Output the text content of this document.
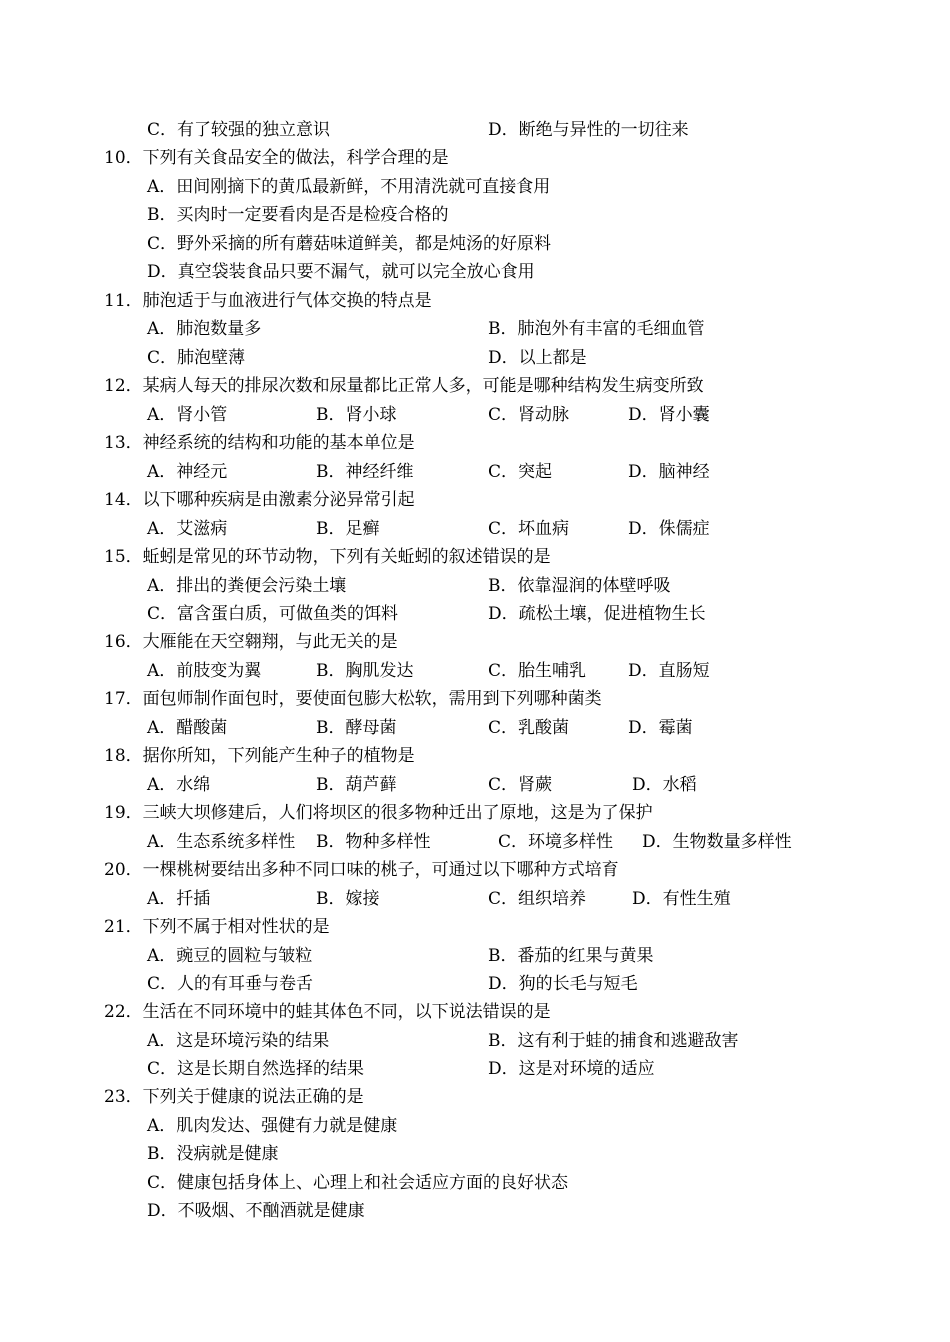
C．有了较强的独立意识	D．断绝与异性的一切往来
10．下列有关食品安全的做法，科学合理的是
A．田间刚摘下的黄瓜最新鲜，不用清洗就可直接食用
B．买肉时一定要看肉是否是检疫合格的
C．野外采摘的所有蘑菇味道鲜美，都是炖汤的好原料
D．真空袋装食品只要不漏气，就可以完全放心食用
11．肺泡适于与血液进行气体交换的特点是
A．肺泡数量多	B．肺泡外有丰富的毛细血管
C．肺泡壁薄	D．以上都是
12．某病人每天的排尿次数和尿量都比正常人多，可能是哪种结构发生病变所致
A．肾小管	B．肾小球	C．肾动脉	D．肾小囊
13．神经系统的结构和功能的基本单位是
A．神经元	B．神经纤维	C．突起	D．脑神经
14．以下哪种疾病是由激素分泌异常引起
A．艾滋病	B．足癣	C．坏血病	D．侏儒症
15．蚯蚓是常见的环节动物，下列有关蚯蚓的叙述错误的是
A．排出的粪便会污染土壤	B．依靠湿润的体壁呼吸
C．富含蛋白质，可做鱼类的饵料	D．疏松土壤，促进植物生长
16．大雁能在天空翱翔，与此无关的是
A．前肢变为翼	B．胸肌发达	C．胎生哺乳 D．直肠短
17．面包师制作面包时，要使面包膨大松软，需用到下列哪种菌类
A．醋酸菌	B．酵母菌	C．乳酸菌	D．霉菌
18．据你所知，下列能产生种子的植物是
A．水绵	B．葫芦藓	C．肾蕨	D．水稻
19．三峡大坝修建后，人们将坝区的很多物种迁出了原地，这是为了保护
A．生态系统多样性 B．物种多样性	C．环境多样性 D．生物数量多样性
20．一棵桃树要结出多种不同口味的桃子，可通过以下哪种方式培育
A．扦插	B．嫁接	C．组织培养	D．有性生殖
21．下列不属于相对性状的是
A．豌豆的圆粒与皱粒	B．番茄的红果与黄果
C．人的有耳垂与卷舌	D．狗的长毛与短毛
22．生活在不同环境中的蛙其体色不同，以下说法错误的是
A．这是环境污染的结果	B．这有利于蛙的捕食和逃避敌害
C．这是长期自然选择的结果	D．这是对环境的适应
23．下列关于健康的说法正确的是
A．肌肉发达、强健有力就是健康
B．没病就是健康
C．健康包括身体上、心理上和社会适应方面的良好状态
D．不吸烟、不酗酒就是健康
